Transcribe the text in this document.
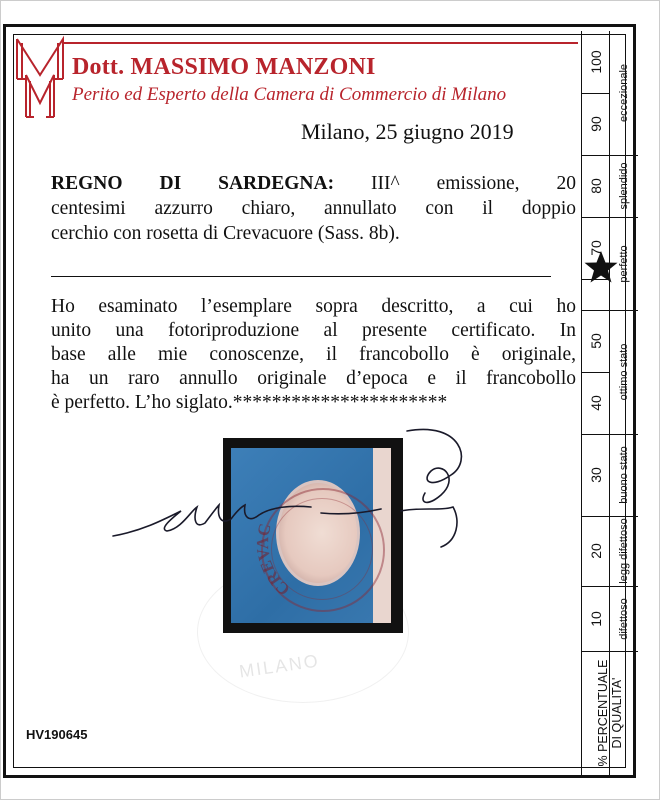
Dott. MASSIMO MANZONI
Perito ed Esperto della Camera di Commercio di Milano
Milano, 25 giugno 2019
REGNO DI SARDEGNA: III^ emissione, 20
centesimi azzurro chiaro, annullato con il doppio
cerchio con rosetta di Crevacuore (Sass. 8b).
Ho esaminato l’esemplare sopra descritto, a cui ho
unito una fotoriproduzione al presente certificato. In
base alle mie conoscenze, il francobollo è originale,
ha un raro annullo originale d’epoca e il francobollo
è perfetto. L’ho siglato.**********************
MILANO
CREVAC
HV190645
100
90
80
70
50
40
30
20
10
eccezionale
splendido
perfetto
ottimo stato
buono stato
legg difettoso
difettoso
% PERCENTUALE DI QUALITA'
